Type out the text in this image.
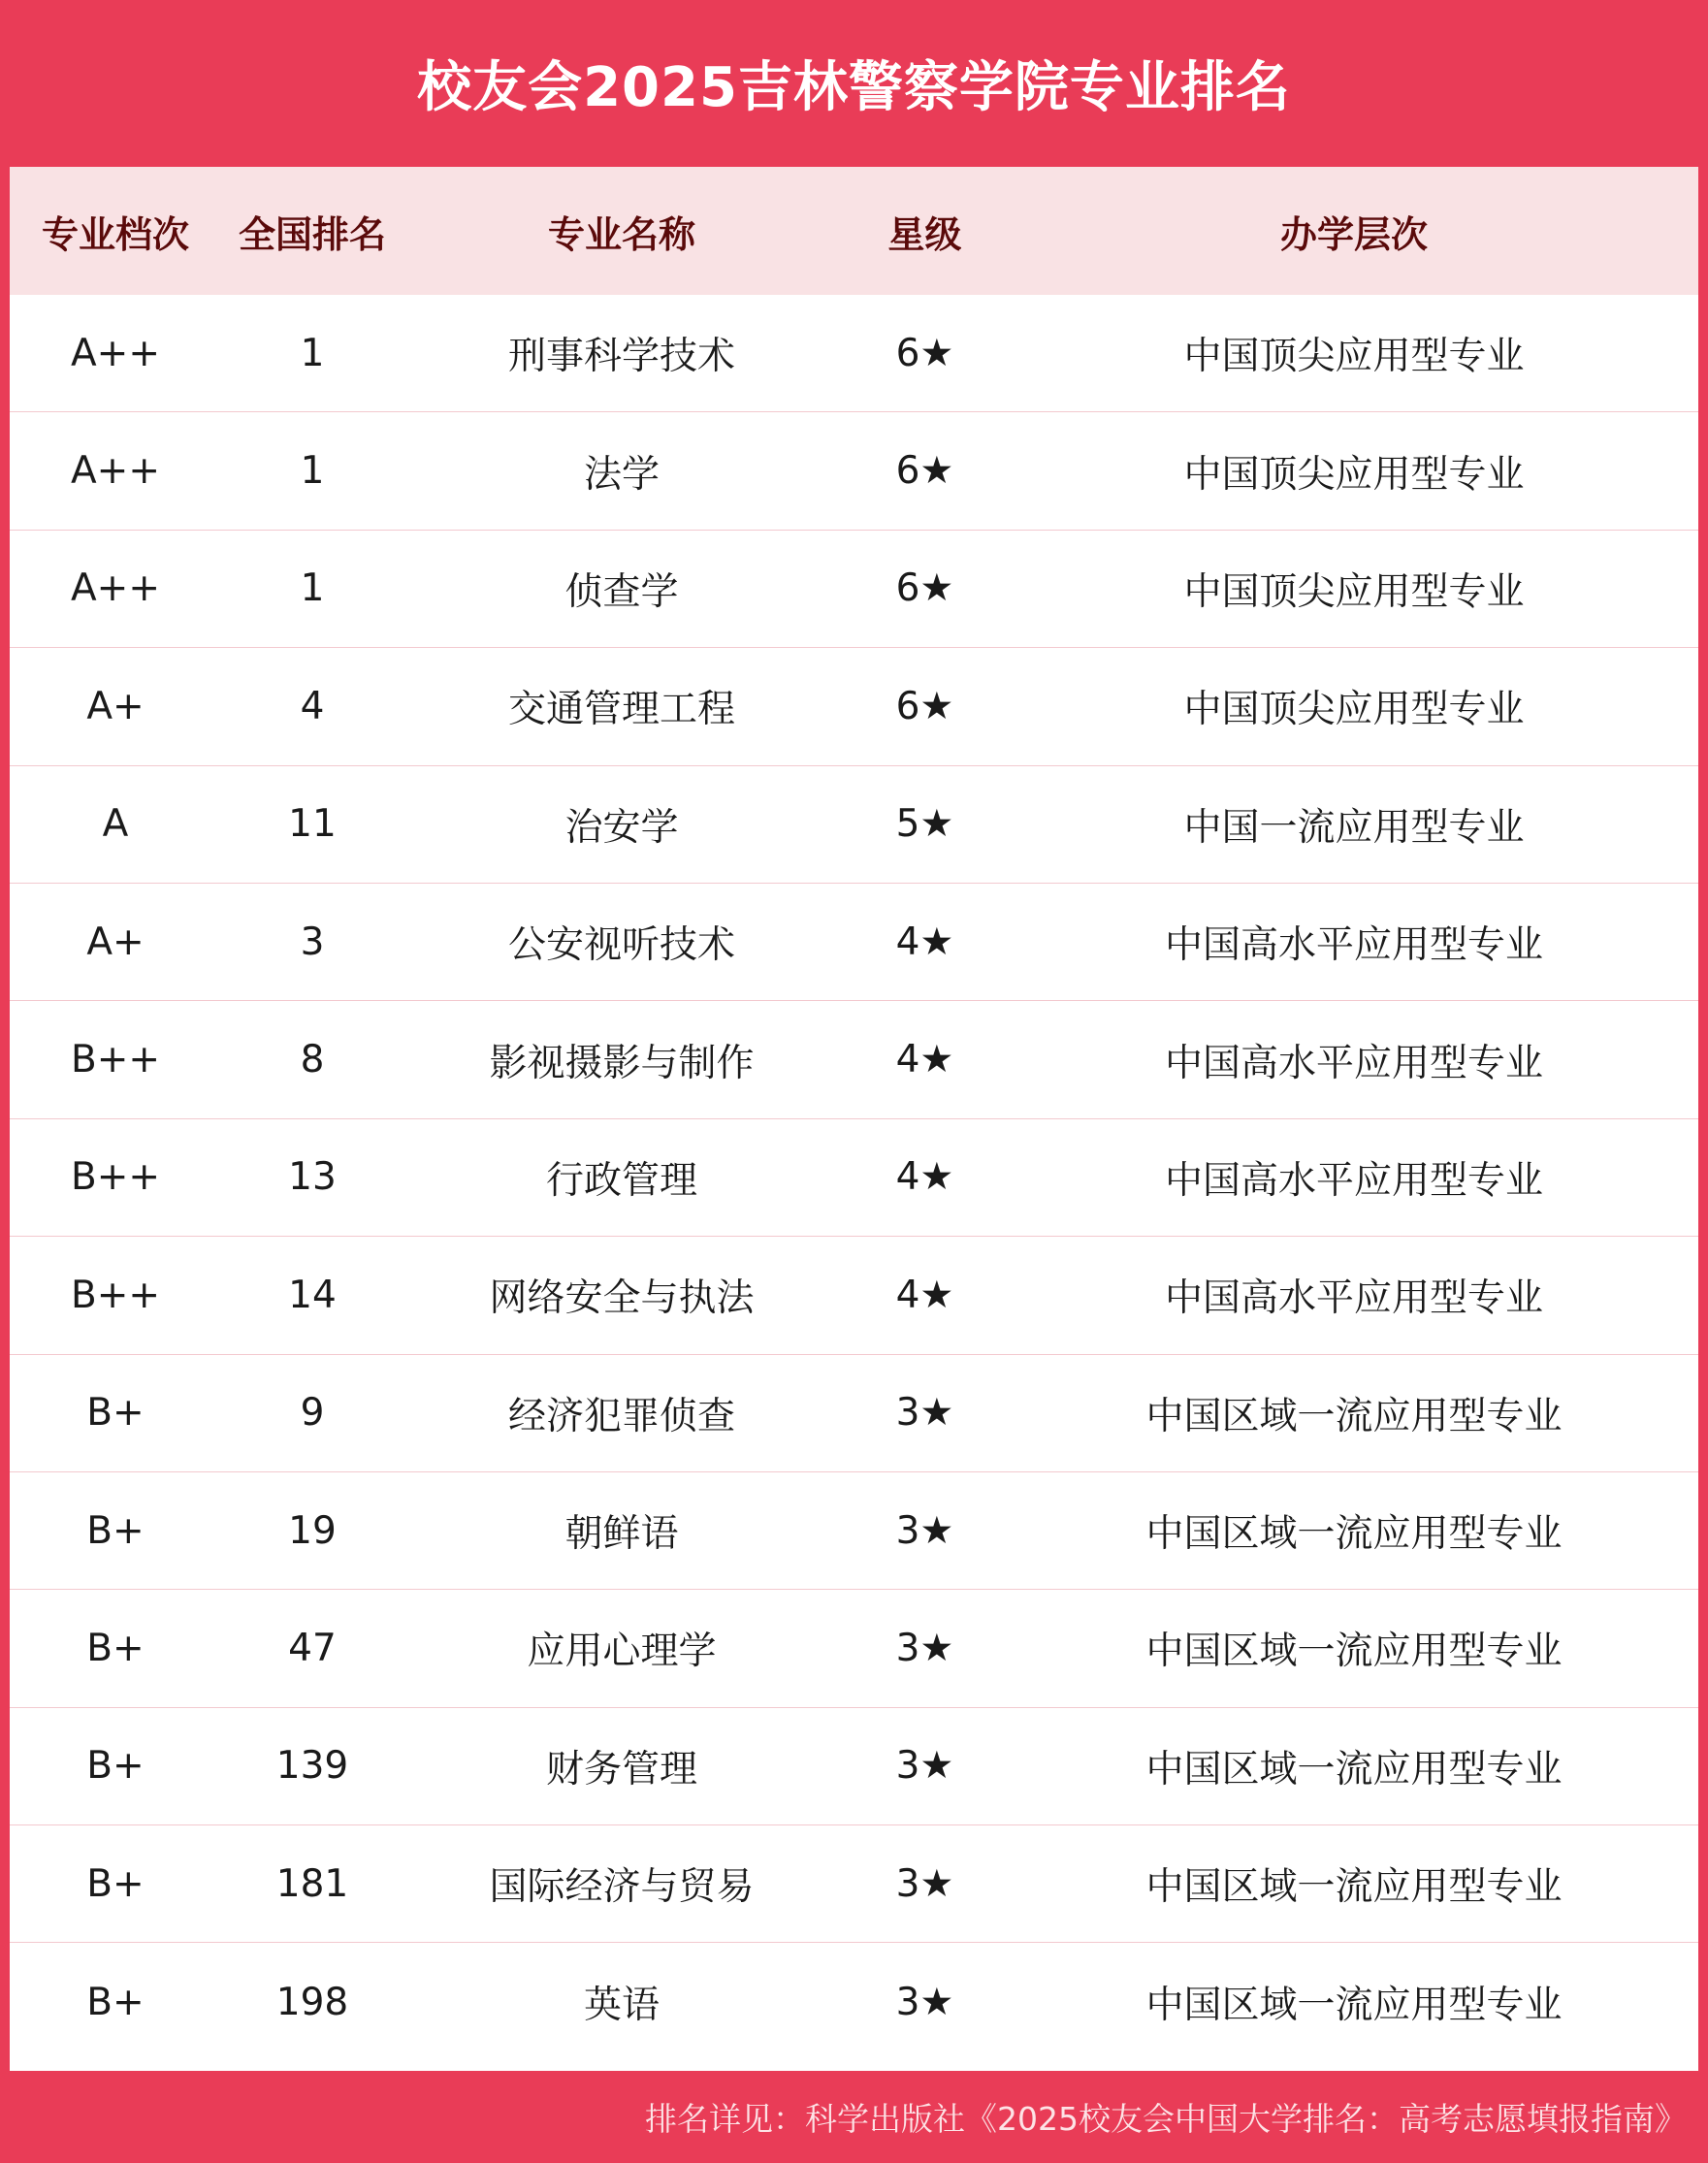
校友会2025吉林警察学院专业排名
专业档次	全国排名	专业名称	星级	办学层次
A++	1	刑事科学技术	6★	中国顶尖应用型专业
A++	1	法学	6★	中国顶尖应用型专业
A++	1	侦查学	6★	中国顶尖应用型专业
A+	4	交通管理工程	6★	中国顶尖应用型专业
A	11	治安学	5★	中国一流应用型专业
A+	3	公安视听技术	4★	中国高水平应用型专业
B++	8	影视摄影与制作	4★	中国高水平应用型专业
B++	13	行政管理	4★	中国高水平应用型专业
B++	14	网络安全与执法	4★	中国高水平应用型专业
B+	9	经济犯罪侦查	3★	中国区域一流应用型专业
B+	19	朝鲜语	3★	中国区域一流应用型专业
B+	47	应用心理学	3★	中国区域一流应用型专业
B+	139	财务管理	3★	中国区域一流应用型专业
B+	181	国际经济与贸易	3★	中国区域一流应用型专业
B+	198	英语	3★	中国区域一流应用型专业
排名详见：科学出版社《2025校友会中国大学排名：高考志愿填报指南》
